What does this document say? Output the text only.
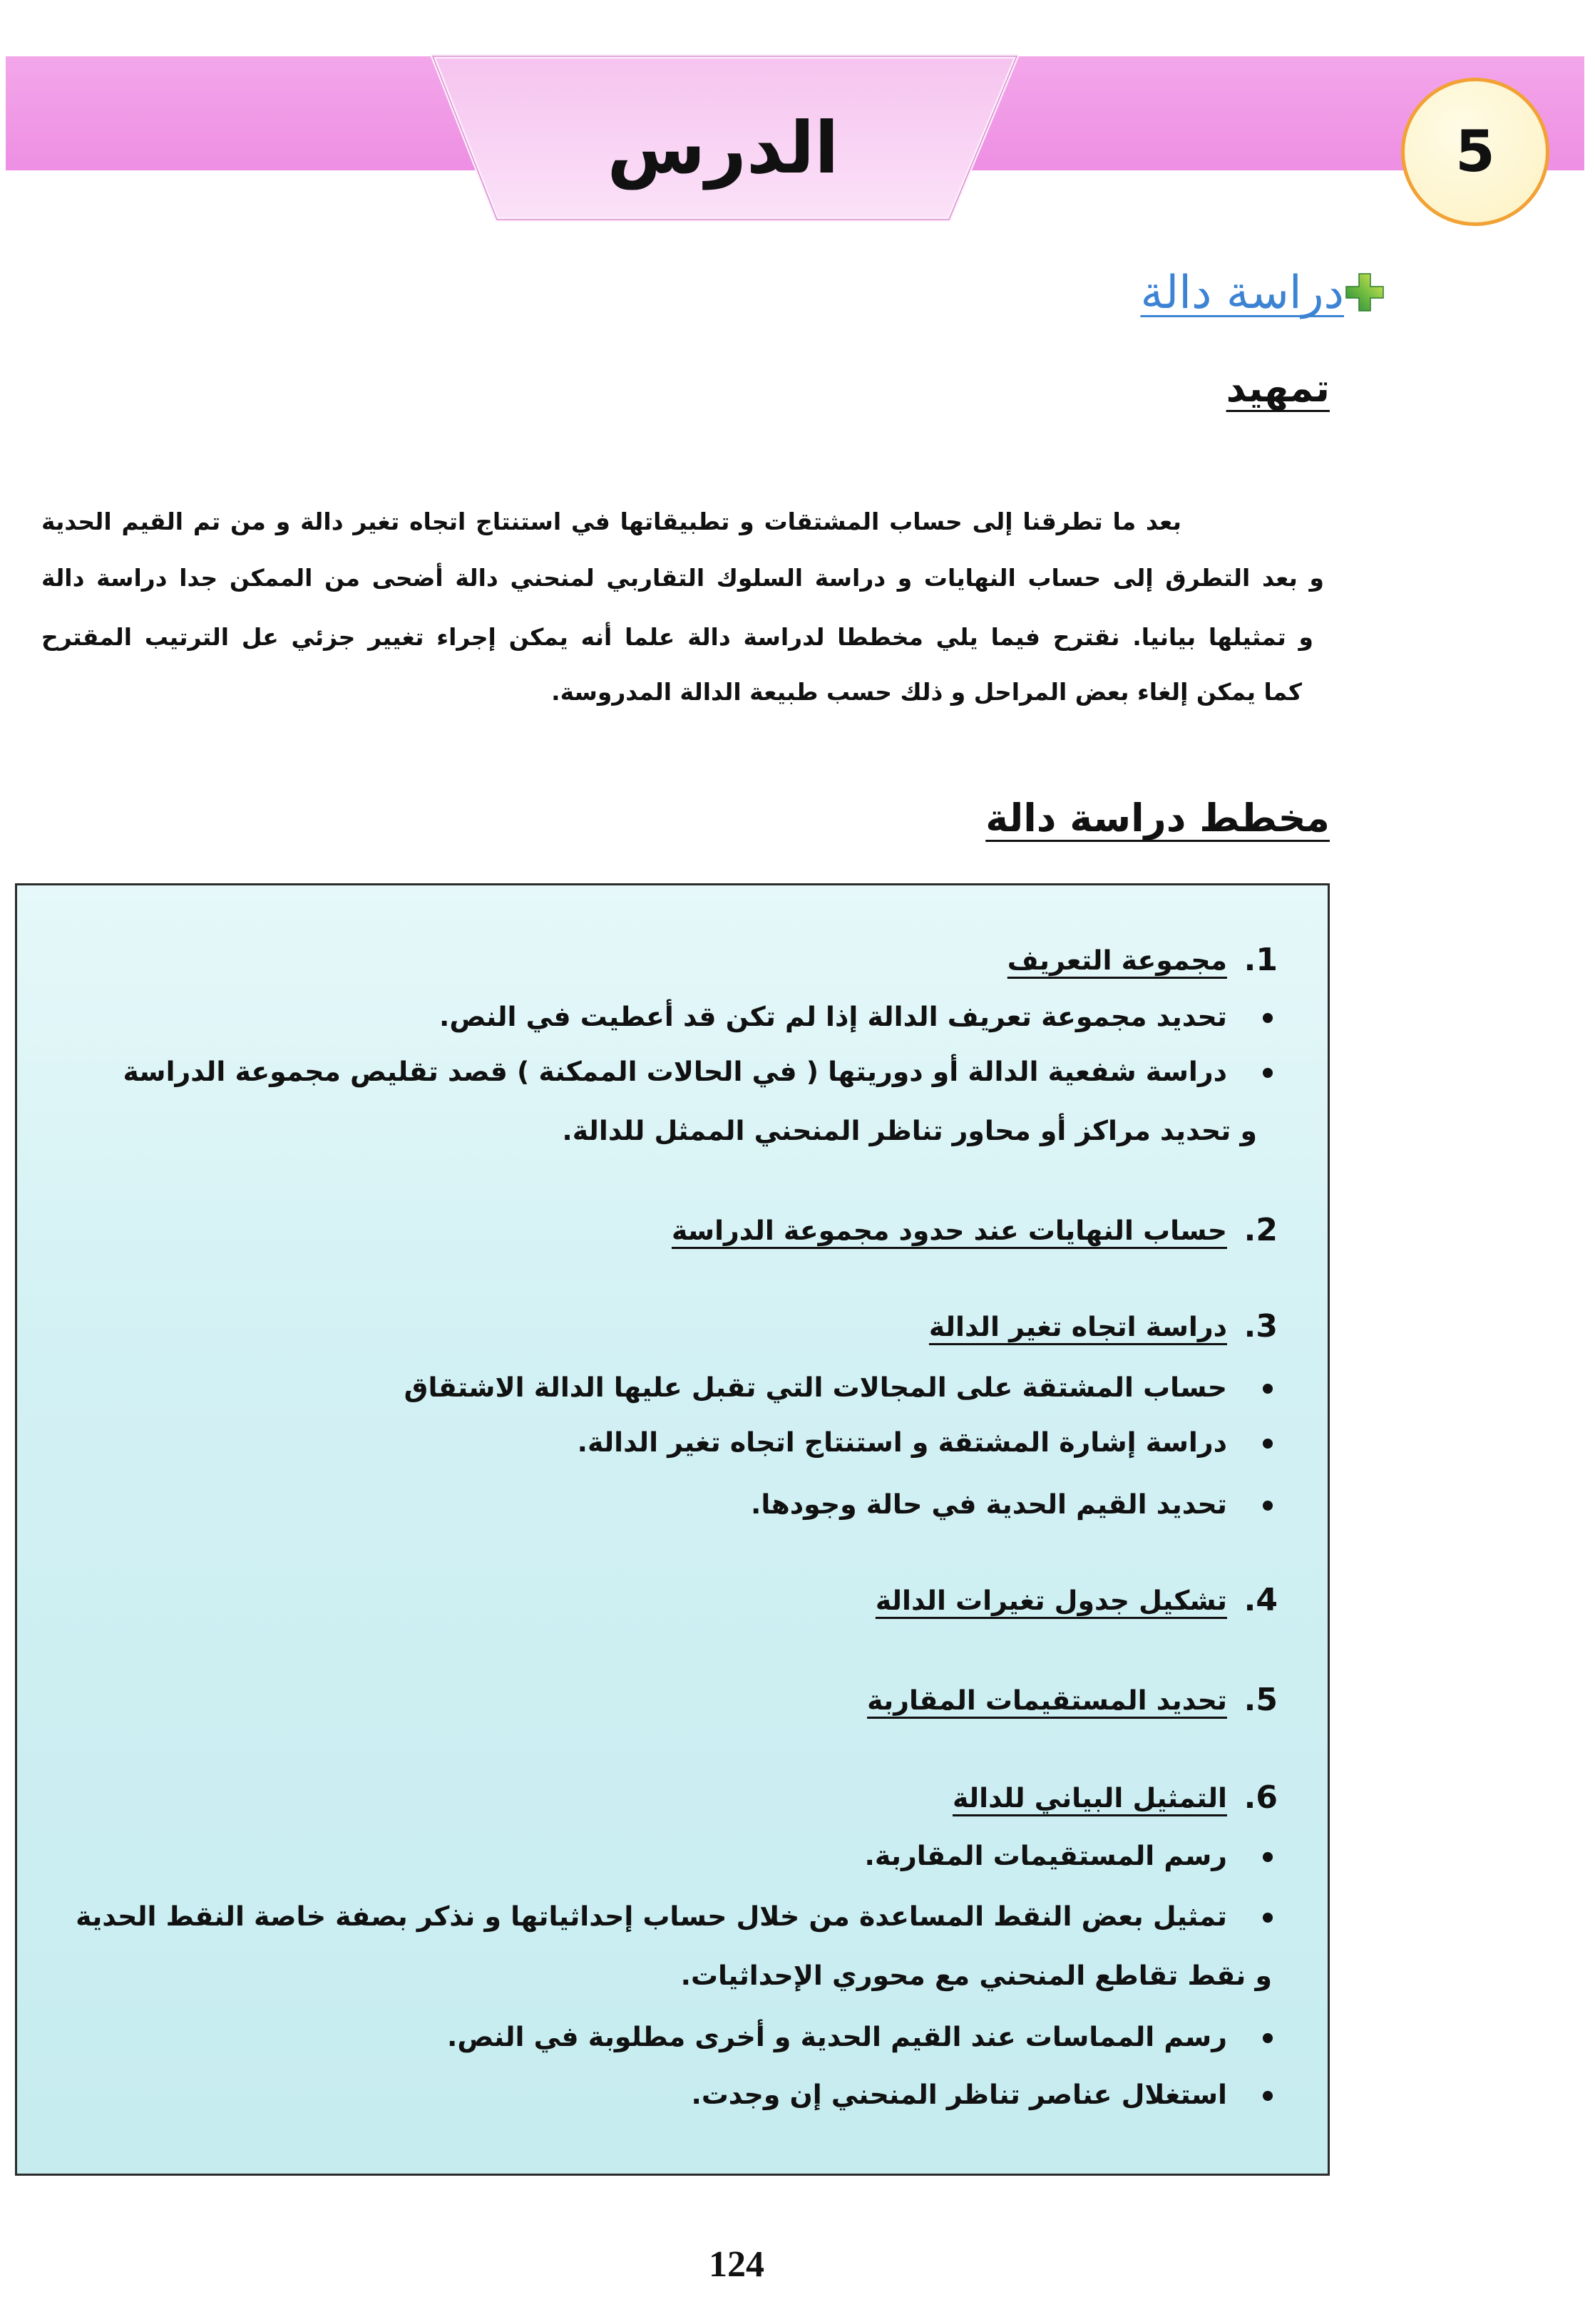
الدرس	5
دراسة دالة
تمهيد
بعد ما تطرقنا إلى حساب المشتقات و تطبيقاتها في استنتاج اتجاه تغير دالة و من تم القيم الحدية
و بعد التطرق إلى حساب النهايات و دراسة السلوك التقاربي لمنحني دالة أضحى من الممكن جدا دراسة دالة
و تمثيلها بيانيا. نقترح فيما يلي مخططا لدراسة دالة علما أنه يمكن إجراء تغيير جزئي عل الترتيب المقترح
كما يمكن إلغاء بعض المراحل و ذلك حسب طبيعة الدالة المدروسة.
مخطط دراسة دالة
1.
مجموعة التعريف
تحديد مجموعة تعريف الدالة إذا لم تكن قد أعطيت في النص.
دراسة شفعية الدالة أو دوريتها ( في الحالات الممكنة ) قصد تقليص مجموعة الدراسة
و تحديد مراكز أو محاور تناظر المنحني الممثل للدالة.
2.
حساب النهايات عند حدود مجموعة الدراسة
3.
دراسة اتجاه تغير الدالة
حساب المشتقة على المجالات التي تقبل عليها الدالة الاشتقاق
دراسة إشارة المشتقة و استنتاج اتجاه تغير الدالة.
تحديد القيم الحدية في حالة وجودها.
4.
تشكيل جدول تغيرات الدالة
5.
تحديد المستقيمات المقاربة
6.
التمثيل البياني للدالة
رسم المستقيمات المقاربة.
تمثيل بعض النقط المساعدة من خلال حساب إحداثياتها و نذكر بصفة خاصة النقط الحدية
و نقط تقاطع المنحني مع محوري الإحداثيات.
رسم المماسات عند القيم الحدية و أخرى مطلوبة في النص.
استغلال عناصر تناظر المنحني إن وجدت.
124
